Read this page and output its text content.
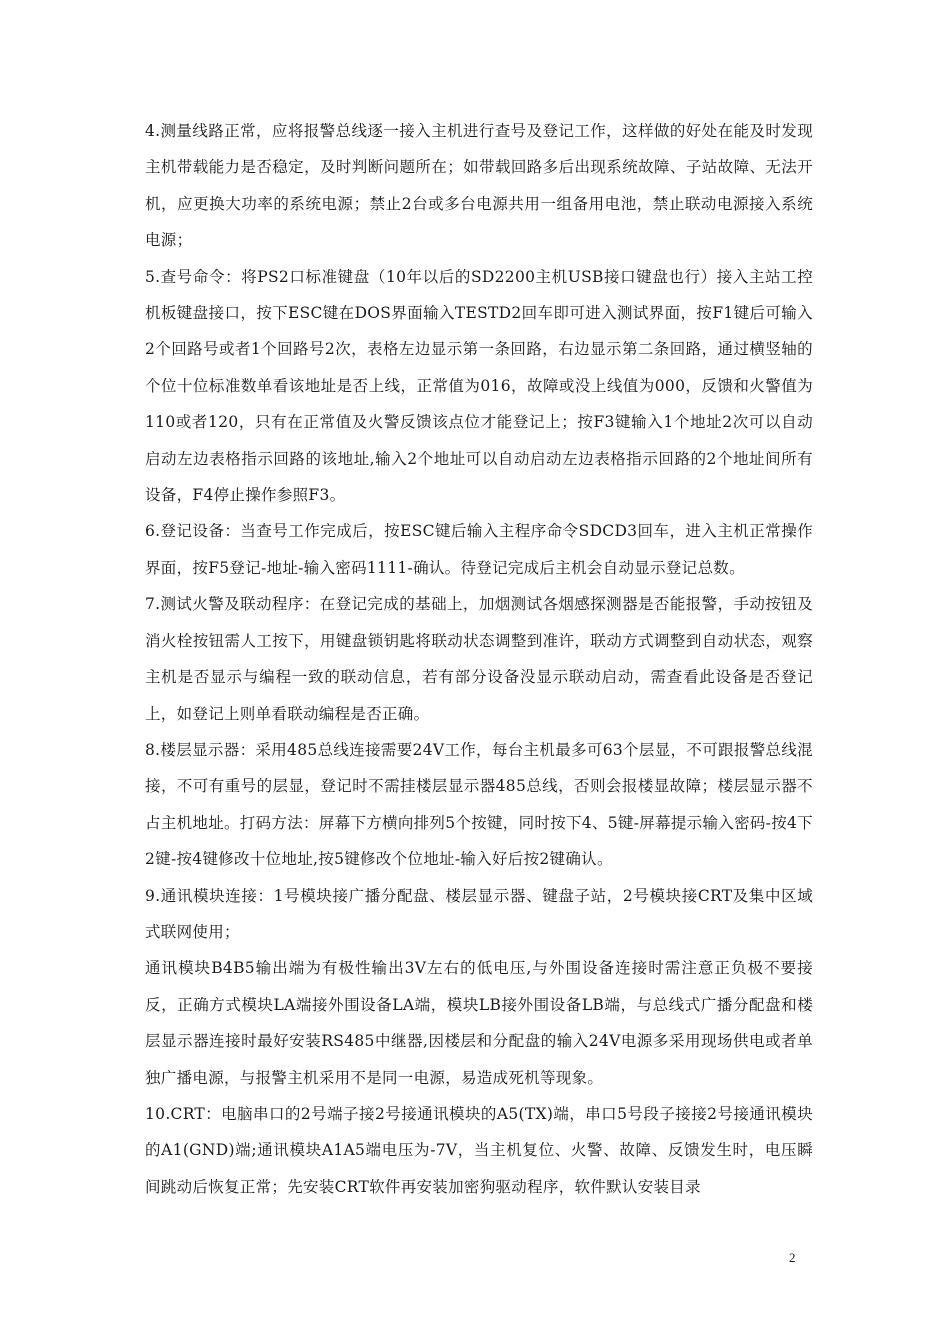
4.测量线路正常，应将报警总线逐一接入主机进行查号及登记工作，这样做的好处在能及时发现主机带载能力是否稳定，及时判断问题所在；如带载回路多后出现系统故障、子站故障、无法开机，应更换大功率的系统电源；禁止2台或多台电源共用一组备用电池，禁止联动电源接入系统电源；

5.查号命令：将PS2口标准键盘（10年以后的SD2200主机USB接口键盘也行）接入主站工控机板键盘接口，按下ESC键在DOS界面输入TESTD2回车即可进入测试界面，按F1键后可输入2个回路号或者1个回路号2次，表格左边显示第一条回路，右边显示第二条回路，通过横竖轴的个位十位标准数单看该地址是否上线，正常值为016，故障或没上线值为000，反馈和火警值为110或者120，只有在正常值及火警反馈该点位才能登记上；按F3键输入1个地址2次可以自动启动左边表格指示回路的该地址,输入2个地址可以自动启动左边表格指示回路的2个地址间所有设备，F4停止操作参照F3。

6.登记设备：当查号工作完成后，按ESC键后输入主程序命令SDCD3回车，进入主机正常操作界面，按F5登记-地址-输入密码1111-确认。待登记完成后主机会自动显示登记总数。

7.测试火警及联动程序：在登记完成的基础上，加烟测试各烟感探测器是否能报警，手动按钮及消火栓按钮需人工按下，用键盘锁钥匙将联动状态调整到准许，联动方式调整到自动状态，观察主机是否显示与编程一致的联动信息，若有部分设备没显示联动启动，需查看此设备是否登记上，如登记上则单看联动编程是否正确。

8.楼层显示器：采用485总线连接需要24V工作，每台主机最多可63个层显，不可跟报警总线混接，不可有重号的层显，登记时不需挂楼层显示器485总线，否则会报楼显故障；楼层显示器不占主机地址。打码方法：屏幕下方横向排列5个按键，同时按下4、5键-屏幕提示输入密码-按4下2键-按4键修改十位地址,按5键修改个位地址-输入好后按2键确认。

9.通讯模块连接：1号模块接广播分配盘、楼层显示器、键盘子站，2号模块接CRT及集中区域式联网使用；

通讯模块B4B5输出端为有极性输出3V左右的低电压,与外围设备连接时需注意正负极不要接反，正确方式模块LA端接外围设备LA端，模块LB接外围设备LB端，与总线式广播分配盘和楼层显示器连接时最好安装RS485中继器,因楼层和分配盘的输入24V电源多采用现场供电或者单独广播电源，与报警主机采用不是同一电源，易造成死机等现象。

10.CRT：电脑串口的2号端子接2号接通讯模块的A5(TX)端，串口5号段子接接2号接通讯模块的A1(GND)端;通讯模块A1A5端电压为-7V，当主机复位、火警、故障、反馈发生时，电压瞬间跳动后恢复正常；先安装CRT软件再安装加密狗驱动程序，软件默认安装目录

2
